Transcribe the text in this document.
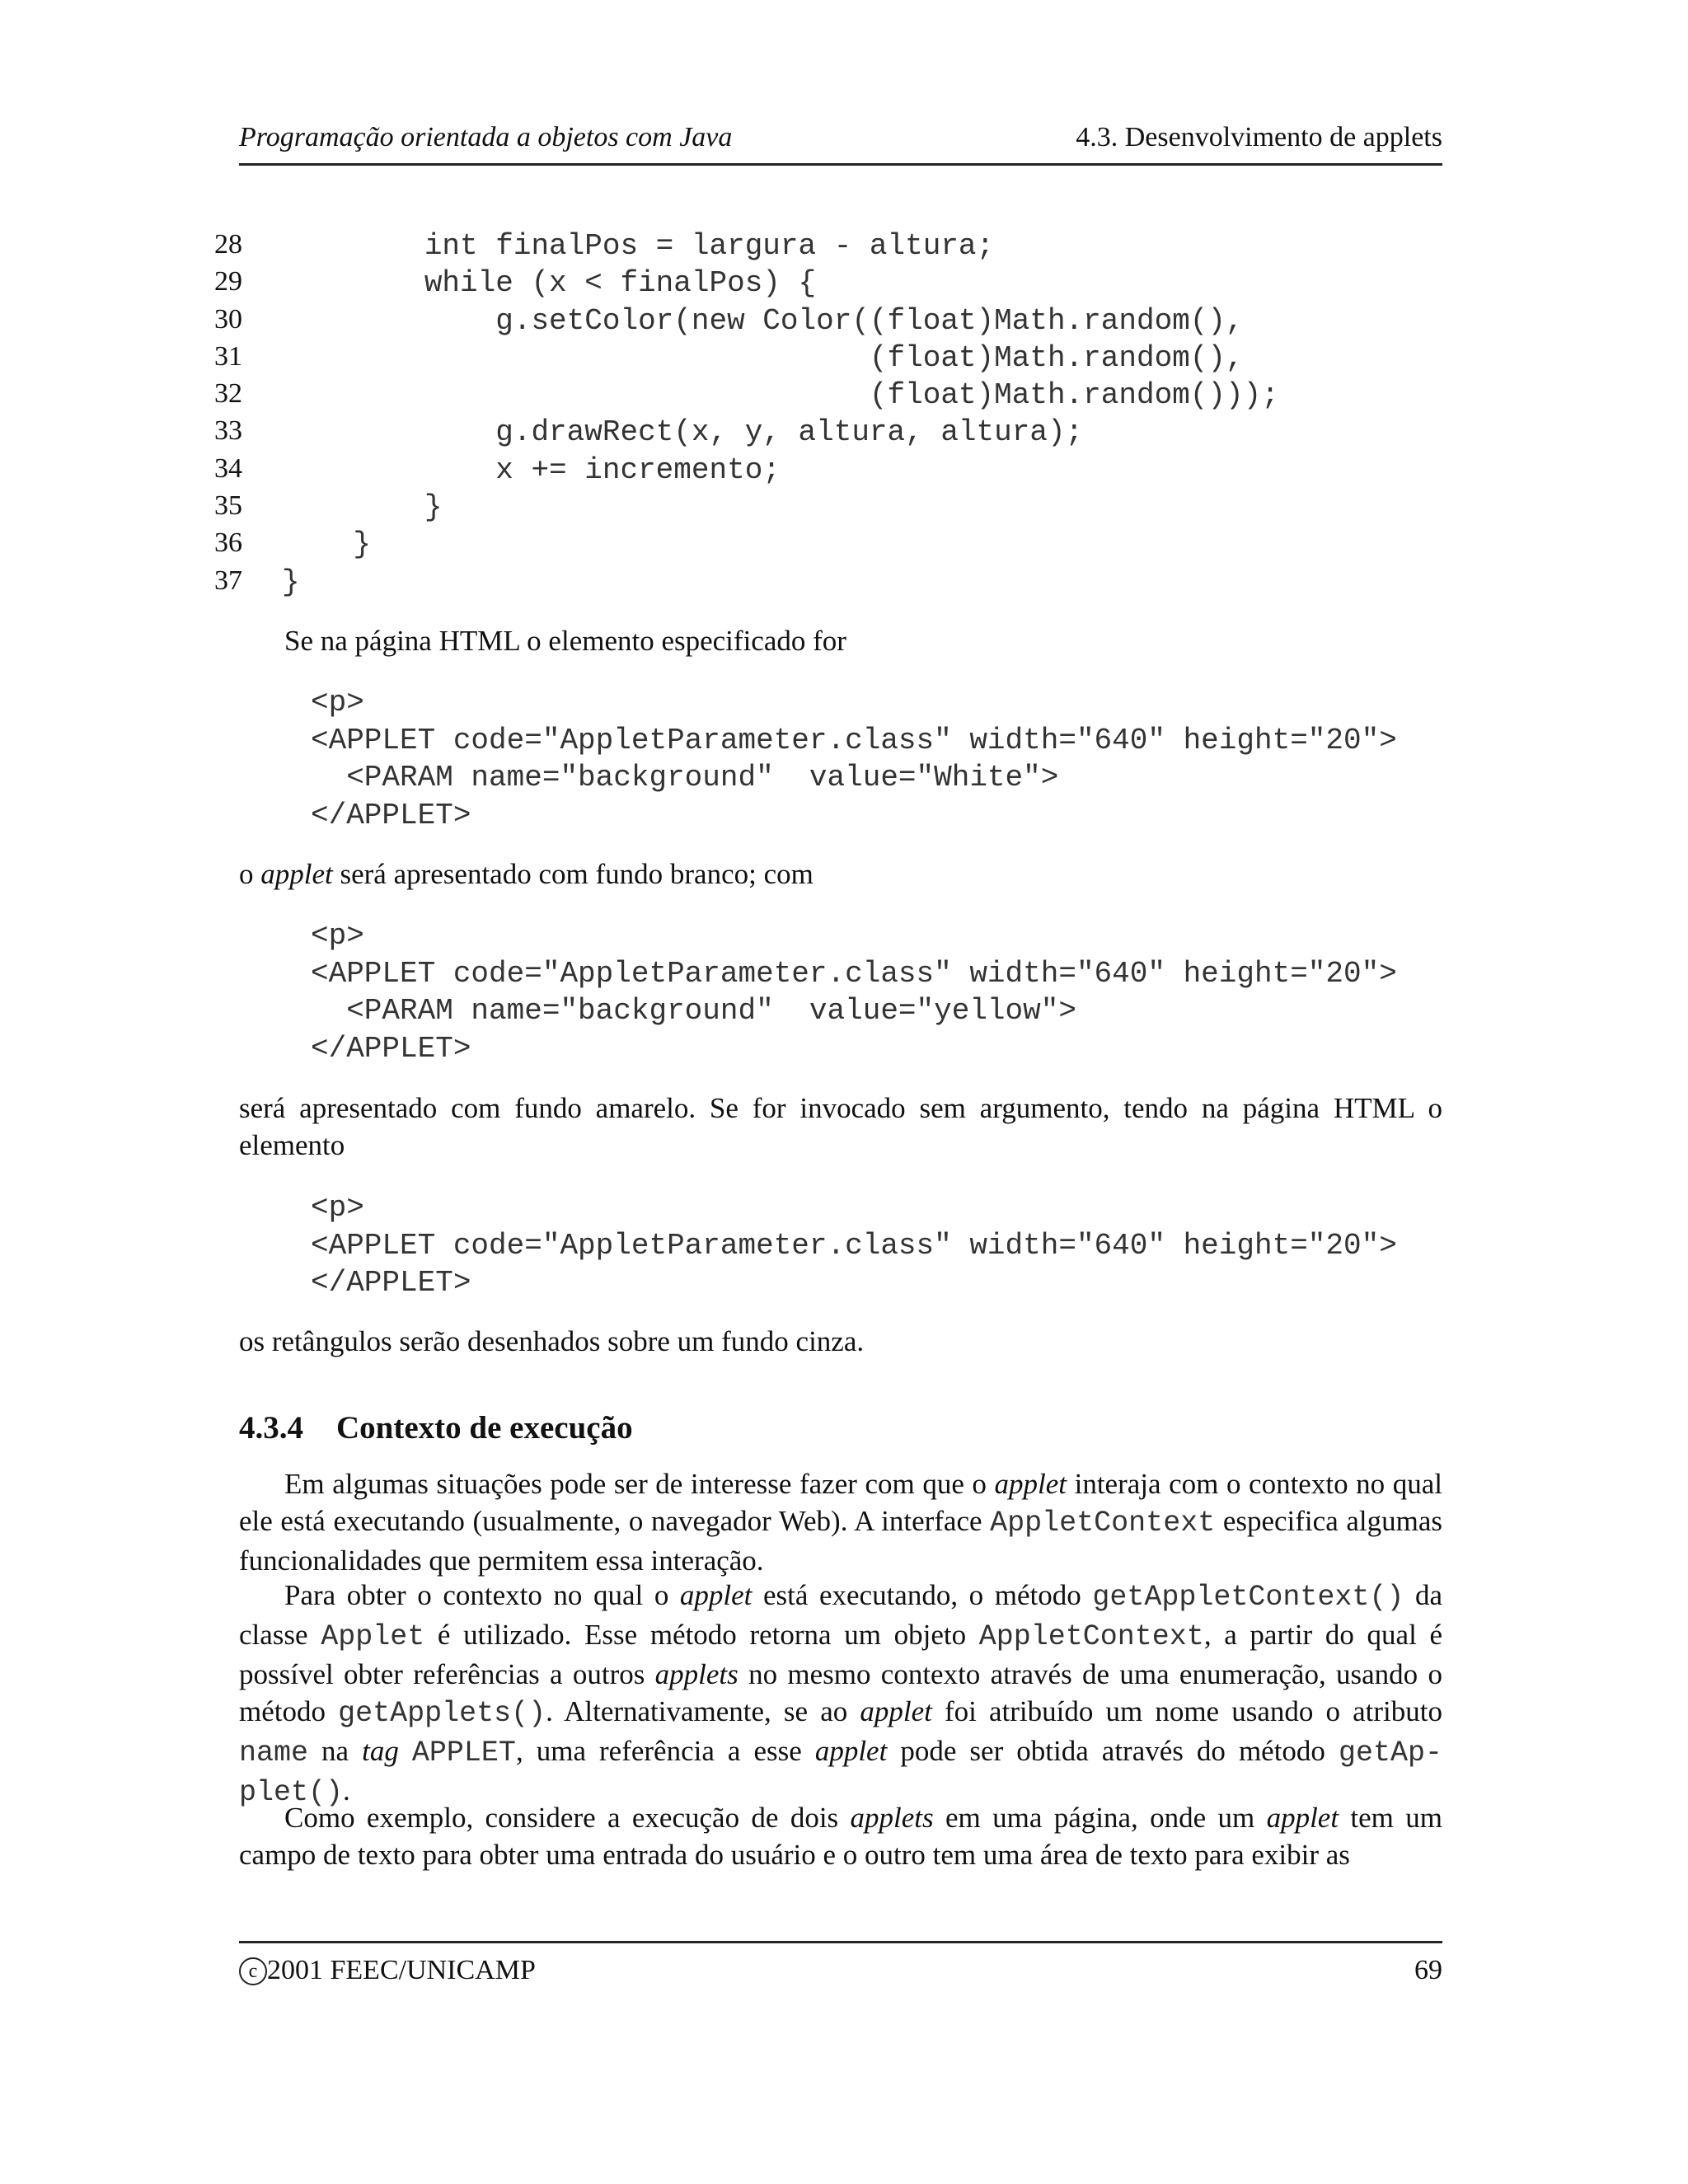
Programação orientada a objetos com Java	4.3. Desenvolvimento de applets
28 int finalPos = largura - altura;
29 while (x < finalPos) {
30 g.setColor(new Color((float)Math.random(),
31 (float)Math.random(),
32 (float)Math.random()));
33 g.drawRect(x, y, altura, altura);
34 x += incremento;
35 }
36 }
37 }
Se na página HTML o elemento especificado for
<p>
<APPLET code="AppletParameter.class" width="640" height="20">
<PARAM name="background"  value="White">
</APPLET>
o applet será apresentado com fundo branco; com
<p>
<APPLET code="AppletParameter.class" width="640" height="20">
<PARAM name="background"  value="yellow">
</APPLET>
será apresentado com fundo amarelo. Se for invocado sem argumento, tendo na página HTML o elemento
<p>
<APPLET code="AppletParameter.class" width="640" height="20">
</APPLET>
os retângulos serão desenhados sobre um fundo cinza.
4.3.4 Contexto de execução
Em algumas situações pode ser de interesse fazer com que o applet interaja com o contexto no qual ele está executando (usualmente, o navegador Web). A interface AppletContext especifica algumas funcionalidades que permitem essa interação.
Para obter o contexto no qual o applet está executando, o método getAppletContext() da classe Applet é utilizado. Esse método retorna um objeto AppletContext, a partir do qual é possível obter referências a outros applets no mesmo contexto através de uma enumeração, usando o método getApplets(). Alternativamente, se ao applet foi atribuído um nome usando o atributo name na tag APPLET, uma referência a esse applet pode ser obtida através do método getAp-plet().
Como exemplo, considere a execução de dois applets em uma página, onde um applet tem um campo de texto para obter uma entrada do usuário e o outro tem uma área de texto para exibir as
c 2001 FEEC/UNICAMP	69
